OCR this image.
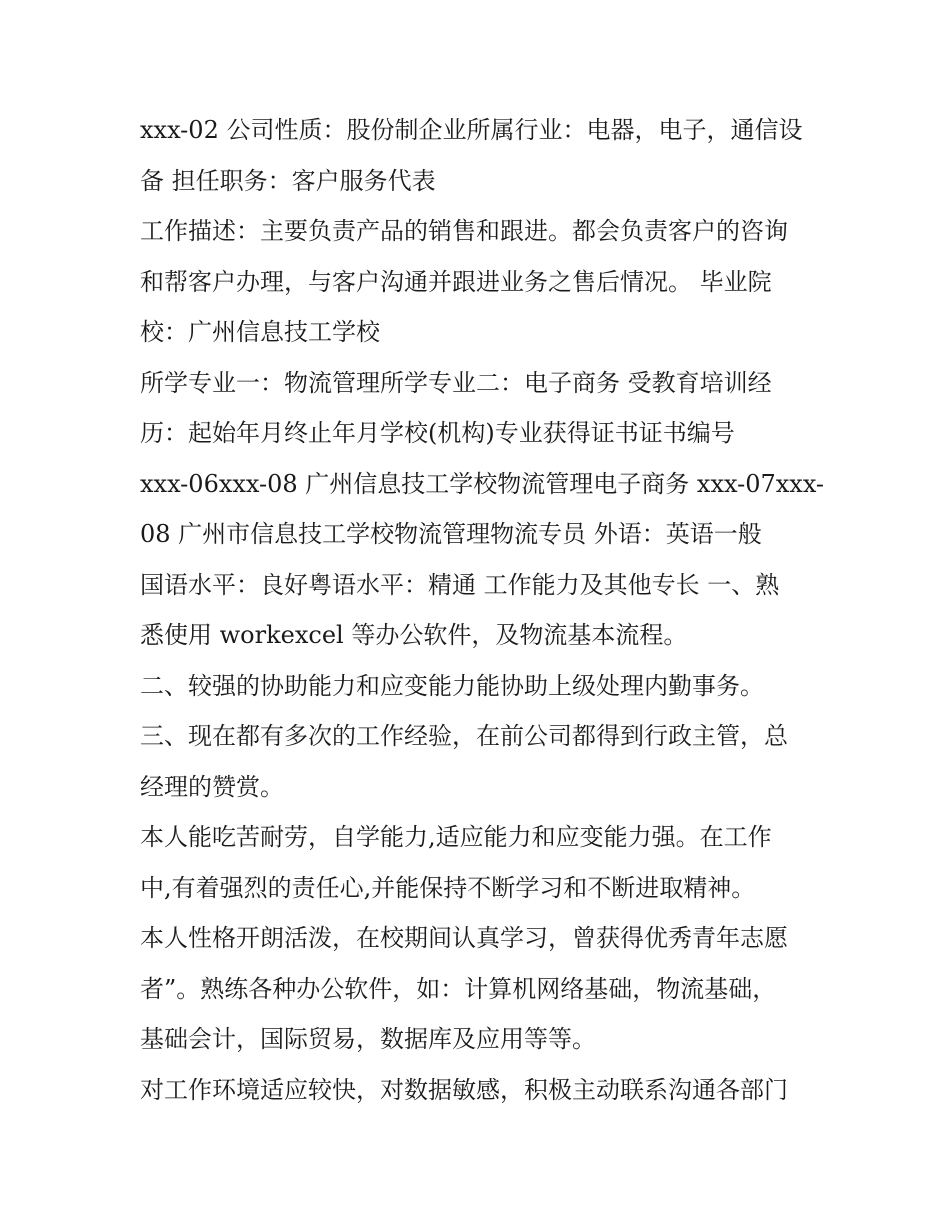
xxx-02 公司性质：股份制企业所属行业：电器，电子，通信设
备 担任职务：客户服务代表
工作描述：主要负责产品的销售和跟进。都会负责客户的咨询
和帮客户办理，与客户沟通并跟进业务之售后情况。 毕业院
校：广州信息技工学校
所学专业一：物流管理所学专业二：电子商务 受教育培训经
历：起始年月终止年月学校(机构)专业获得证书证书编号
xxx-06xxx-08 广州信息技工学校物流管理电子商务 xxx-07xxx-
08 广州市信息技工学校物流管理物流专员 外语：英语一般
国语水平：良好粤语水平：精通 工作能力及其他专长 一、熟
悉使用 workexcel 等办公软件，及物流基本流程。
二、较强的协助能力和应变能力能协助上级处理内勤事务。
三、现在都有多次的工作经验，在前公司都得到行政主管，总
经理的赞赏。
本人能吃苦耐劳，自学能力,适应能力和应变能力强。在工作
中,有着强烈的责任心,并能保持不断学习和不断进取精神。
本人性格开朗活泼，在校期间认真学习，曾获得优秀青年志愿
者”。熟练各种办公软件，如：计算机网络基础，物流基础，
基础会计，国际贸易，数据库及应用等等。
对工作环境适应较快，对数据敏感，积极主动联系沟通各部门
